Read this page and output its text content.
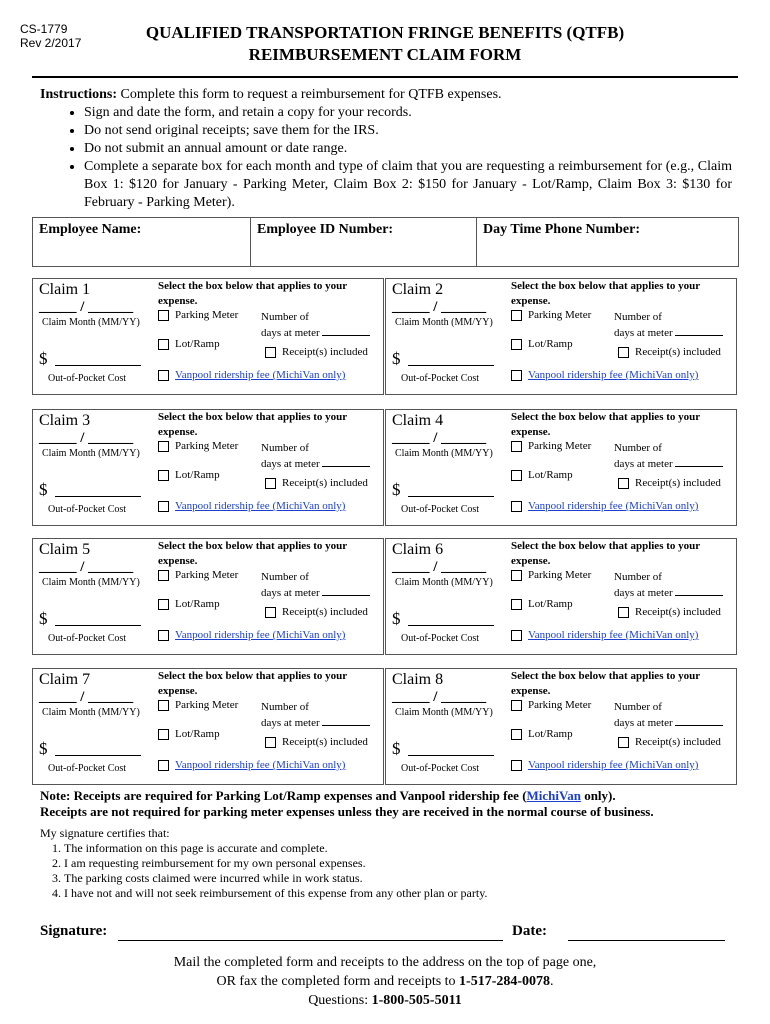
CS-1779
Rev 2/2017
QUALIFIED TRANSPORTATION FRINGE BENEFITS (QTFB)
REIMBURSEMENT CLAIM FORM
Instructions: Complete this form to request a reimbursement for QTFB expenses.
• Sign and date the form, and retain a copy for your records.
• Do not send original receipts; save them for the IRS.
• Do not submit an annual amount or date range.
• Complete a separate box for each month and type of claim that you are requesting a reimbursement for (e.g., Claim Box 1: $120 for January - Parking Meter, Claim Box 2: $150 for January - Lot/Ramp, Claim Box 3: $130 for February - Parking Meter).
Employee Name:	Employee ID Number:	Day Time Phone Number:
Claim 1
_____ / ______
Claim Month (MM/YY)
$
Out-of-Pocket Cost
Select the box below that applies to your expense.
Parking Meter Number of
days at meter
Lot/Ramp
Receipt(s) included
Vanpool ridership fee (MichiVan only)
Claim 2
_____ / ______
Claim Month (MM/YY)
$
Out-of-Pocket Cost
Select the box below that applies to your expense.
Parking Meter Number of
days at meter
Lot/Ramp
Receipt(s) included
Vanpool ridership fee (MichiVan only)
Claim 3
_____ / ______
Claim Month (MM/YY)
$
Out-of-Pocket Cost
Select the box below that applies to your expense.
Parking Meter Number of
days at meter
Lot/Ramp
Receipt(s) included
Vanpool ridership fee (MichiVan only)
Claim 4
_____ / ______
Claim Month (MM/YY)
$
Out-of-Pocket Cost
Select the box below that applies to your expense.
Parking Meter Number of
days at meter
Lot/Ramp
Receipt(s) included
Vanpool ridership fee (MichiVan only)
Claim 5
_____ / ______
Claim Month (MM/YY)
$
Out-of-Pocket Cost
Select the box below that applies to your expense.
Parking Meter Number of
days at meter
Lot/Ramp
Receipt(s) included
Vanpool ridership fee (MichiVan only)
Claim 6
_____ / ______
Claim Month (MM/YY)
$
Out-of-Pocket Cost
Select the box below that applies to your expense.
Parking Meter Number of
days at meter
Lot/Ramp
Receipt(s) included
Vanpool ridership fee (MichiVan only)
Claim 7
_____ / ______
Claim Month (MM/YY)
$
Out-of-Pocket Cost
Select the box below that applies to your expense.
Parking Meter Number of
days at meter
Lot/Ramp
Receipt(s) included
Vanpool ridership fee (MichiVan only)
Claim 8
_____ / ______
Claim Month (MM/YY)
$
Out-of-Pocket Cost
Select the box below that applies to your expense.
Parking Meter Number of
days at meter
Lot/Ramp
Receipt(s) included
Vanpool ridership fee (MichiVan only)
Note: Receipts are required for Parking Lot/Ramp expenses and Vanpool ridership fee (MichiVan only).
Receipts are not required for parking meter expenses unless they are received in the normal course of business.
My signature certifies that:
1. The information on this page is accurate and complete.
2. I am requesting reimbursement for my own personal expenses.
3. The parking costs claimed were incurred while in work status.
4. I have not and will not seek reimbursement of this expense from any other plan or party.
Signature:	Date:
Mail the completed form and receipts to the address on the top of page one,
OR fax the completed form and receipts to 1-517-284-0078.
Questions: 1-800-505-5011
